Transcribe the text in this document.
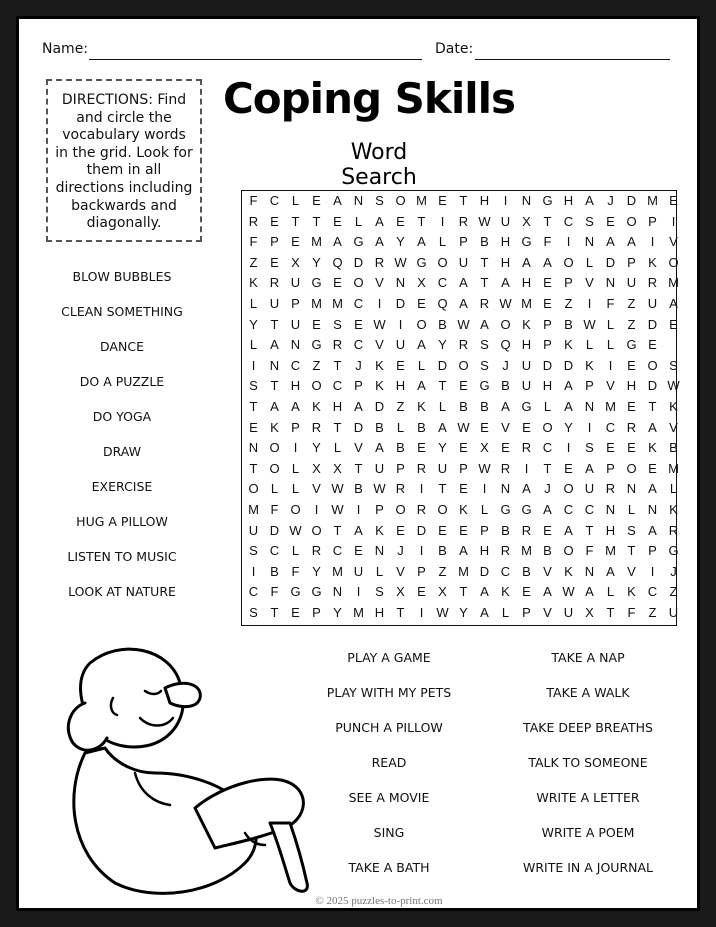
Name:	Date:
DIRECTIONS: Find and circle the vocabulary words in the grid. Look for them in all directions including backwards and diagonally.
Coping Skills
Word Search
F C L	E A N S O M E T H	I	N G H A	J	D M E
R E T	T E	L	A E T	I	R W U X T C S E O P	I
F P E M A G A Y A	L	P B H G F	I	N A A	I	V
Z E X Y Q D R W G O U T H A A O L D P K O
K R U G E O V N X C A T A H E P V N U R M
L U P M M C	I	D E Q A R W M E Z	I	F	Z U A
Y T U E S E W	I	O B W A O K P B W L	Z D E
L	A N G R C V U A Y R S Q H P K	L	L G E
I	N C Z	T	J	K E	L D O S	J	U D D K	I	E O S
S T H O C P K H A T E G B U H A P V H D W
T A A K H A D Z K	L	B B A G L	A N M E T K
E K P R T D B	L	B A W E V E O Y	I	C R A V
N O	I	Y	L	V A B E Y E X E R C	I	S E E K B
T O L	X X T U P R U P W R	I	T E A P O E M
O L	L	V W B W R	I	T E	I	N A	J O U R N A	L
M F O	I	W	I	P O R O K	L G G A C C N L N K
U D W O T A K E D E E P B R E A T H S A R
S C L R C E N	J	I	B A H R M B O F M T P G
I	B F Y M U L	V P Z M D C B V K N A V	I	J
C F G G N	I	S X E X T A K E A W A	L	K C Z
S T E P Y M H T	I	W Y A	L	P V U X T	F	Z U
BLOW BUBBLES
CLEAN SOMETHING
DANCE
DO A PUZZLE
DO YOGA
DRAW
EXERCISE
HUG A PILLOW
LISTEN TO MUSIC
LOOK AT NATURE
PLAY A GAME
PLAY WITH MY PETS
PUNCH A PILLOW
READ
SEE A MOVIE
SING
TAKE A BATH
TAKE A NAP
TAKE A WALK
TAKE DEEP BREATHS
TALK TO SOMEONE
WRITE A LETTER
WRITE A POEM
WRITE IN A JOURNAL
© 2025 puzzles-to-print.com
